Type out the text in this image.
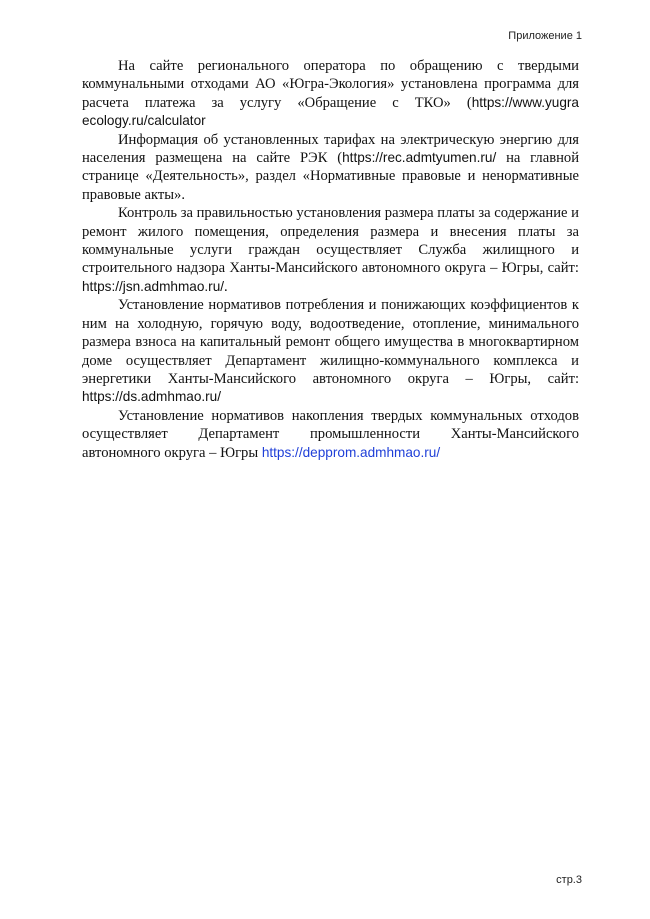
Приложение 1

На сайте регионального оператора по обращению с твердыми коммунальными отходами АО «Югра-Экология» установлена программа для расчета платежа за услугу «Обращение с ТКО» (https://www.yugra ecology.ru/calculator

Информация об установленных тарифах на электрическую энергию для населения размещена на сайте РЭК (https://rec.admtyumen.ru/ на главной странице «Деятельность», раздел «Нормативные правовые и ненормативные правовые акты».

Контроль за правильностью установления размера платы за содержание и ремонт жилого помещения, определения размера и внесения платы за коммунальные услуги граждан осуществляет Служба жилищного и строительного надзора Ханты-Мансийского автономного округа – Югры, сайт: https://jsn.admhmao.ru/.

Установление нормативов потребления и понижающих коэффициентов к ним на холодную, горячую воду, водоотведение, отопление, минимального размера взноса на капитальный ремонт общего имущества в многоквартирном доме осуществляет Департамент жилищно-коммунального комплекса и энергетики Ханты-Мансийского автономного округа – Югры, сайт: https://ds.admhmao.ru/

Установление нормативов накопления твердых коммунальных отходов осуществляет Департамент промышленности Ханты-Мансийского автономного округа – Югры https://depprom.admhmao.ru/

стр.3
